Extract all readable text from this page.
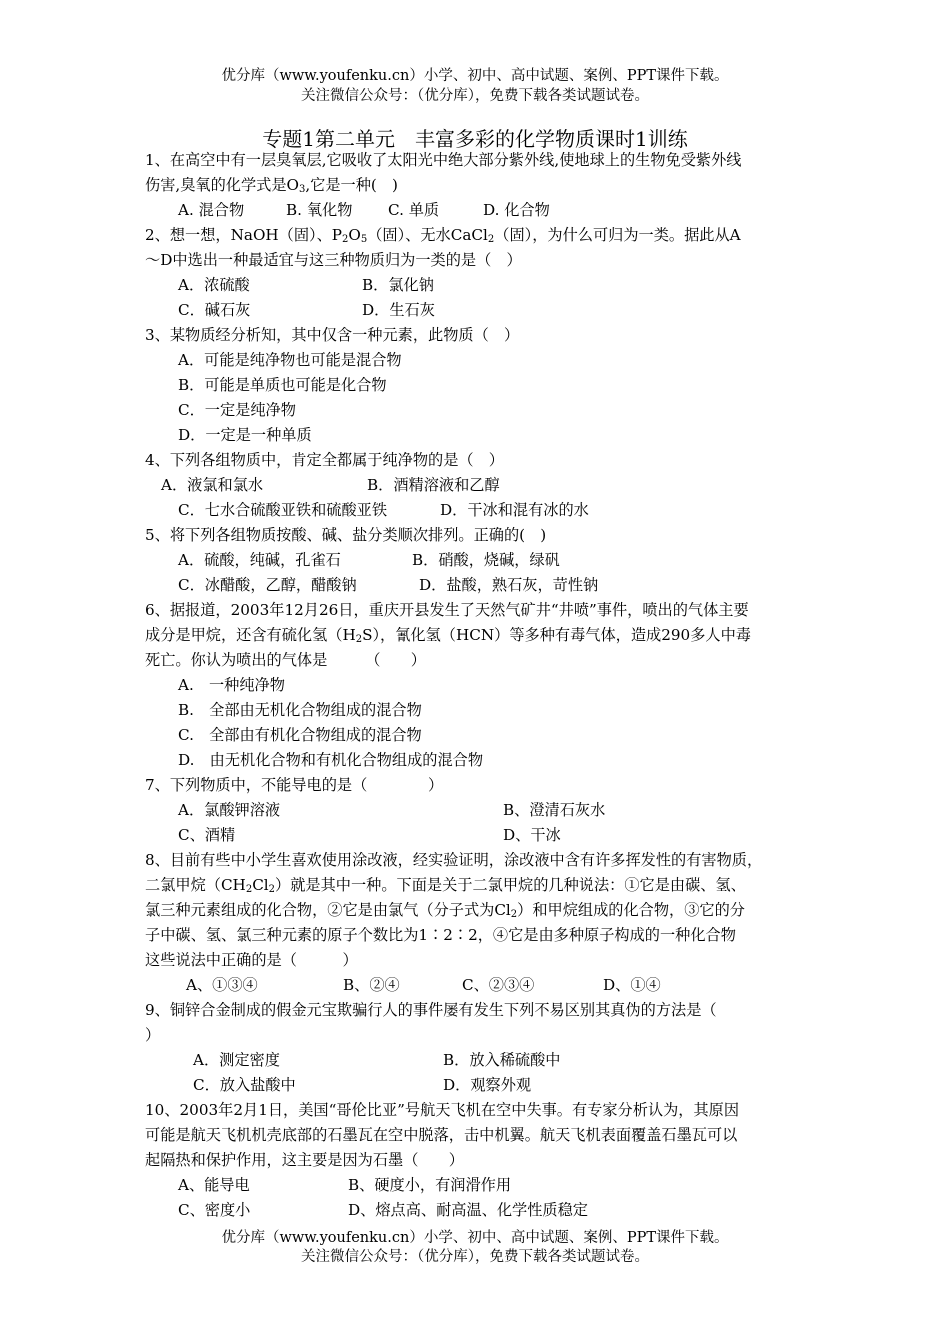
优分库（www.youfenku.cn）小学、初中、高中试题、案例、PPT课件下载。
关注微信公众号：（优分库），免费下载各类试题试卷。
专题1第二单元　丰富多彩的化学物质课时1训练
1、在高空中有一层臭氧层,它吸收了太阳光中绝大部分紫外线,使地球上的生物免受紫外线
伤害,臭氧的化学式是$O_3$,它是一种(　)
A. 混合物	B. 氧化物 C. 单质	D. 化合物
2、想一想，NaOH（固）、$P_2O_5$（固）、无水CaCl$_2$（固），为什么可归为一类。据此从A
～D中选出一种最适宜与这三种物质归为一类的是（　）
A．浓硫酸	B．氯化钠
C．碱石灰	D．生石灰
3、某物质经分析知，其中仅含一种元素，此物质（　）
A．可能是纯净物也可能是混合物
B．可能是单质也可能是化合物
C．一定是纯净物
D．一定是一种单质
4、下列各组物质中，肯定全都属于纯净物的是（　）
A．液氯和氯水	B．酒精溶液和乙醇
C．七水合硫酸亚铁和硫酸亚铁	D．干冰和混有冰的水
5、将下列各组物质按酸、碱、盐分类顺次排列。正确的(　)
A．硫酸，纯碱，孔雀石	B．硝酸，烧碱，绿矾
C．冰醋酸，乙醇，醋酸钠	D．盐酸，熟石灰，苛性钠
6、据报道，2003年12月26日，重庆开县发生了天然气矿井“井喷”事件，喷出的气体主要
成分是甲烷，还含有硫化氢$(H_2S)$，氰化氢（HCN）等多种有毒气体，造成290多人中毒
死亡。你认为喷出的气体是　　　（　　）
A.　一种纯净物
B.　全部由无机化合物组成的混合物
C.　全部由有机化合物组成的混合物
D.　由无机化合物和有机化合物组成的混合物
7、下列物质中，不能导电的是（　　　　）
A．氯酸钾溶液	B、澄清石灰水
C、酒精	D、干冰
8、目前有些中小学生喜欢使用涂改液，经实验证明，涂改液中含有许多挥发性的有害物质，
二氯甲烷$(CH_2Cl_2)$就是其中一种。下面是关于二氯甲烷的几种说法：①它是由碳、氢、
氯三种元素组成的化合物，②它是由氯气（分子式为$Cl_2$）和甲烷组成的化合物，③它的分
子中碳、氢、氯三种元素的原子个数比为1∶2∶2，④它是由多种原子构成的一种化合物
这些说法中正确的是（　　　）
A、①③④	B、②④	C、②③④	D、①④
9、铜锌合金制成的假金元宝欺骗行人的事件屡有发生下列不易区别其真伪的方法是（
）
A．测定密度	B．放入稀硫酸中
C．放入盐酸中	D．观察外观
10、2003年2月1日，美国“哥伦比亚”号航天飞机在空中失事。有专家分析认为，其原因
可能是航天飞机机壳底部的石墨瓦在空中脱落，击中机翼。航天飞机表面覆盖石墨瓦可以
起隔热和保护作用，这主要是因为石墨（　　）
A、能导电	B、硬度小，有润滑作用
C、密度小	D、熔点高、耐高温、化学性质稳定
优分库（www.youfenku.cn）小学、初中、高中试题、案例、PPT课件下载。
关注微信公众号：（优分库），免费下载各类试题试卷。
